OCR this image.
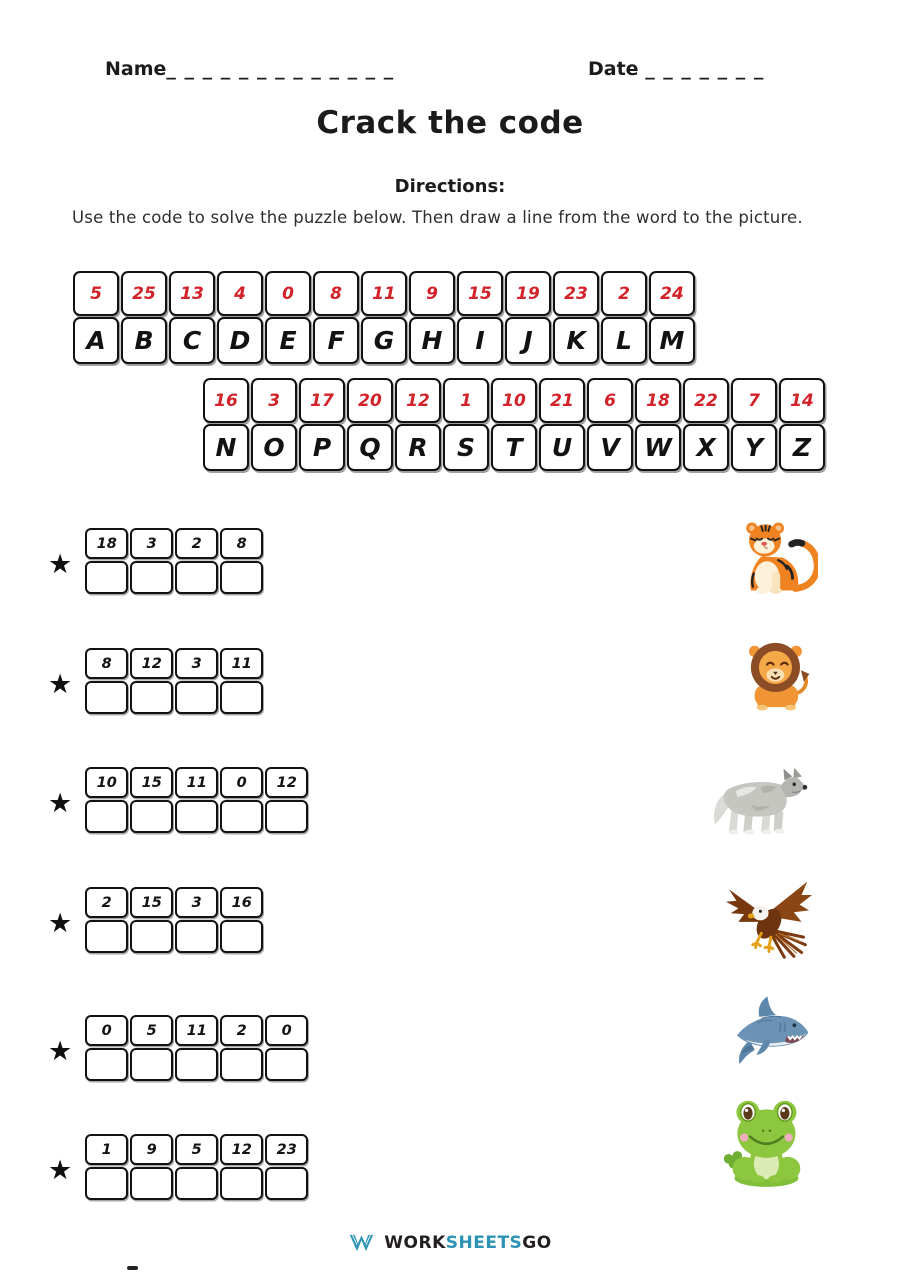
Name_ _ _ _ _ _ _ _ _ _ _ _ _	Date _ _ _ _ _ _ _
Crack the code
Directions:

Use the code to solve the puzzle below. Then draw a line from the word to the picture.

5	25	13	4	0	8	11	9	15	19	23	2	24
A	B	C	D	E	F	G	H	I	J	K	L	M
16	3	17	20	12	1	10	21	6	18	22	7	14
N	O	P	Q	R	S	T	U	V W X	Y	Z
★
18	3	2	8
★
8	12	3	11
★
10	15	11	0	12
★
2	15	3	16
★
0	5	11	2	0
★
1	9	5	12	23
WORKSHEETSGO
